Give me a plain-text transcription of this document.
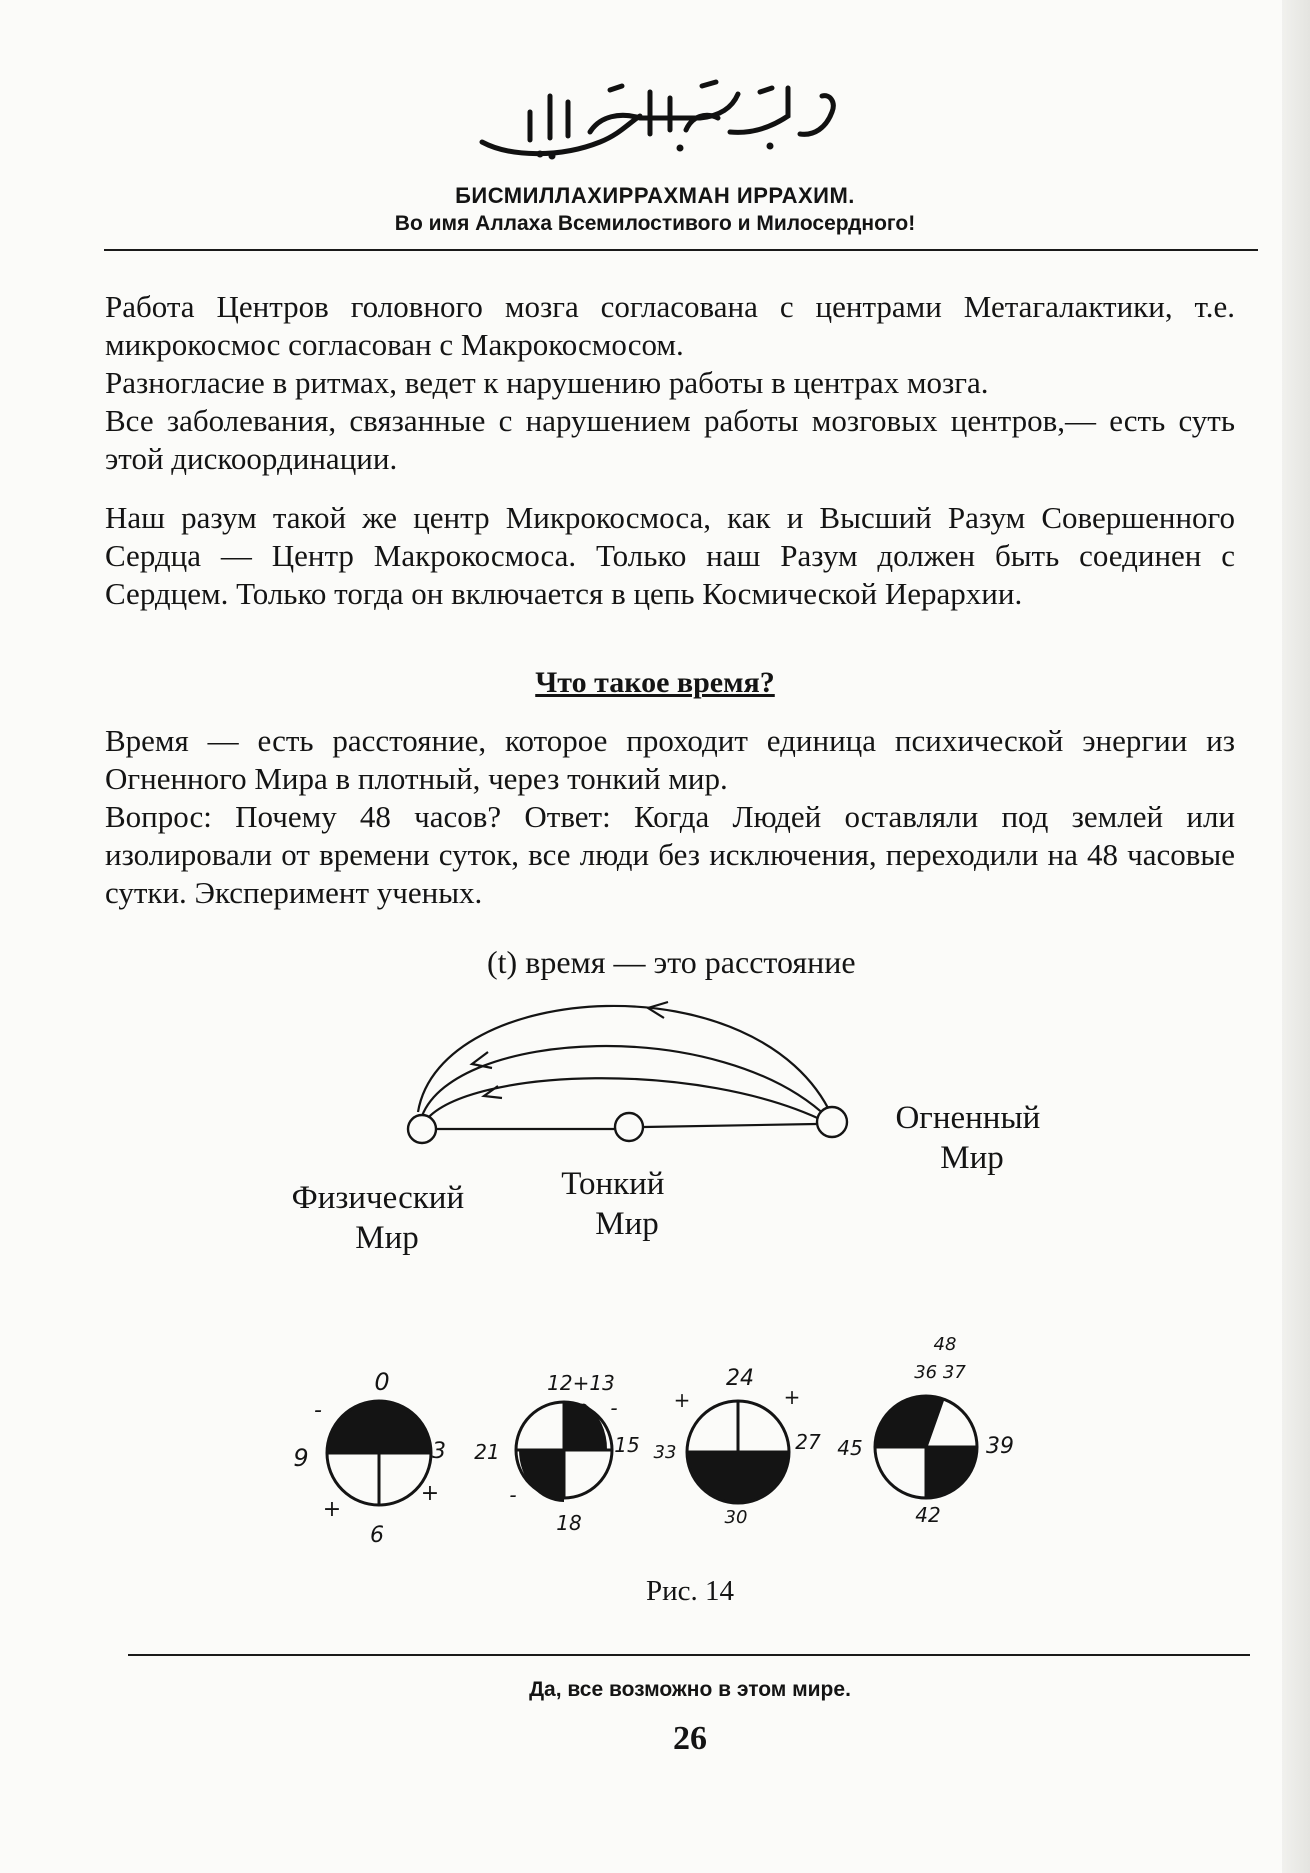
БИСМИЛЛАХИРРАХМАН ИРРАХИМ.
Во имя Аллаха Всемилостивого и Милосердного!

Работа Центров головного мозга согласована с центрами Метагалактики, т.е. микрокосмос согласован с Макрокосмосом.

Разногласие в ритмах, ведет к нарушению работы в центрах мозга.

Все заболевания, связанные с нарушением работы мозговых центров,— есть суть этой дискоординации.

Наш разум такой же центр Микрокосмоса, как и Высший Разум Совершенного Сердца — Центр Макрокосмоса. Только наш Разум должен быть соединен с Сердцем. Только тогда он включается в цепь Космической Иерархии.

Что такое время?

Время — есть расстояние, которое проходит единица психической энергии из Огненного Мира в плотный, через тонкий мир.

Вопрос: Почему 48 часов? Ответ: Когда Людей оставляли под землей или изолировали от времени суток, все люди без исключения, переходили на 48 часовые сутки. Эксперимент ученых.

(t) время — это расстояние
Физический Мир
Тонкий Мир
Огненный Мир
0
3
6
9
-
+
+
12+13
15
18
21
-
-
24
27
30
33
+	+
48
36 37
39
42
45
Рис. 14
Да, все возможно в этом мире.
26
